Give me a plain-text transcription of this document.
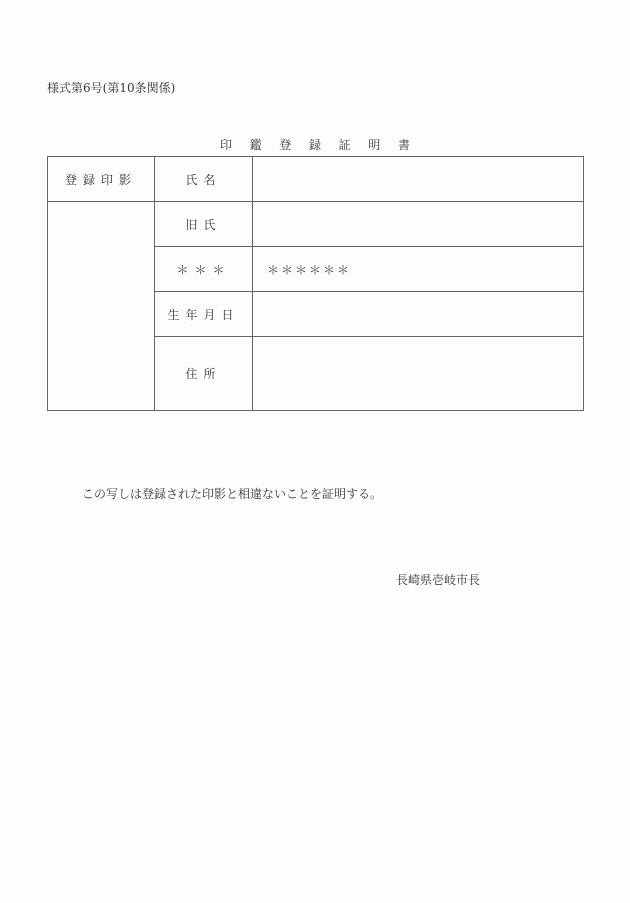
様式第6号(第10条関係)
印 鑑 登 録 証 明 書
登録印影	氏名	
	旧氏	
	＊＊＊	＊＊＊＊＊＊
	生年月日	
	住所	
この写しは登録された印影と相違ないことを証明する。
長崎県壱岐市長
